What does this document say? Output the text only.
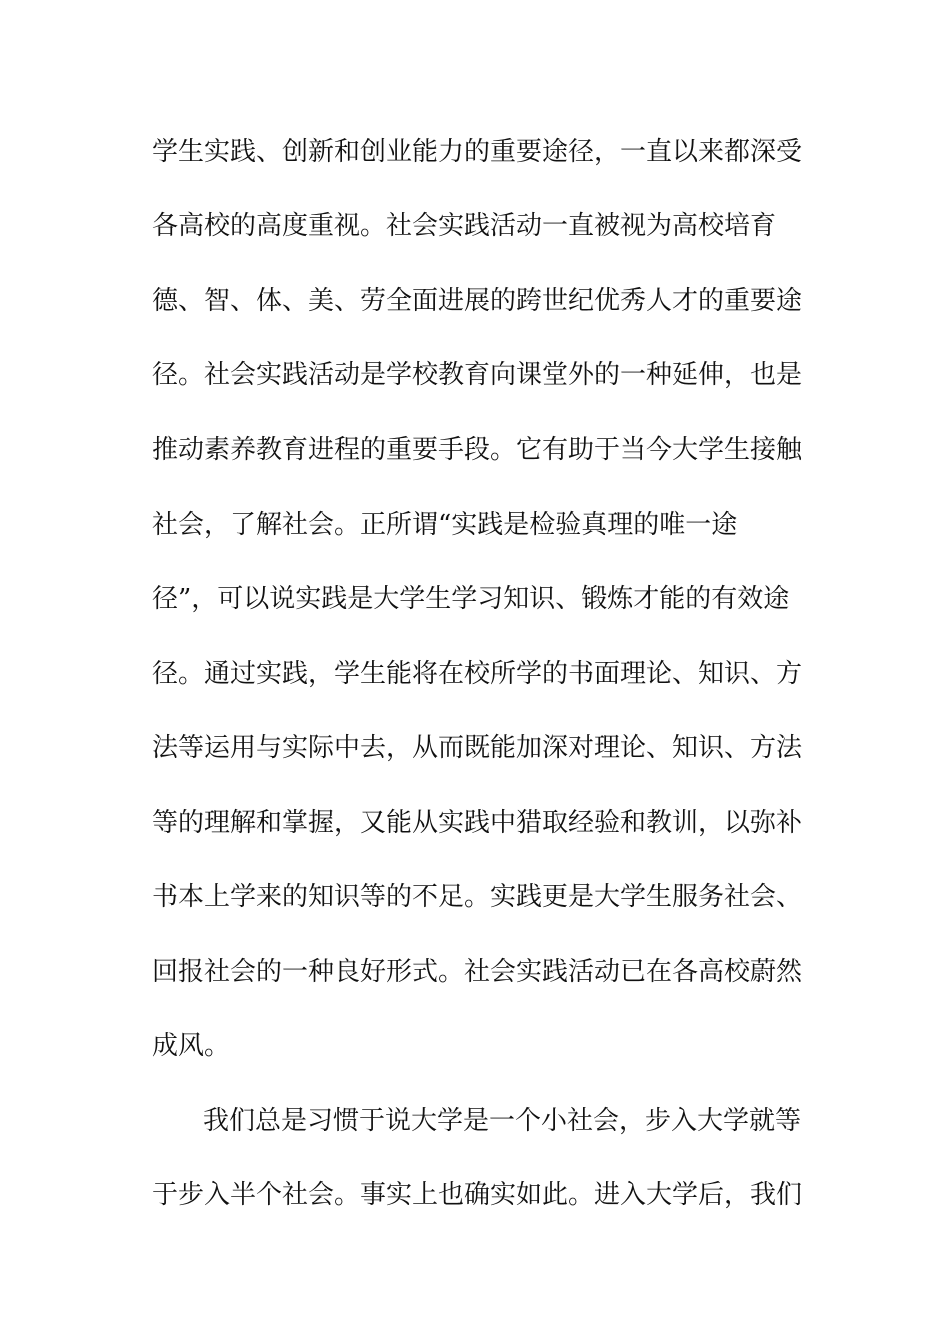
学生实践、创新和创业能力的重要途径，一直以来都深受

各高校的高度重视。社会实践活动一直被视为高校培育

德、智、体、美、劳全面进展的跨世纪优秀人才的重要途

径。社会实践活动是学校教育向课堂外的一种延伸，也是

推动素养教育进程的重要手段。它有助于当今大学生接触

社会，了解社会。正所谓“实践是检验真理的唯一途

径”，可以说实践是大学生学习知识、锻炼才能的有效途

径。通过实践，学生能将在校所学的书面理论、知识、方

法等运用与实际中去，从而既能加深对理论、知识、方法

等的理解和掌握，又能从实践中猎取经验和教训，以弥补

书本上学来的知识等的不足。实践更是大学生服务社会、

回报社会的一种良好形式。社会实践活动已在各高校蔚然

成风。

我们总是习惯于说大学是一个小社会，步入大学就等

于步入半个社会。事实上也确实如此。进入大学后，我们
